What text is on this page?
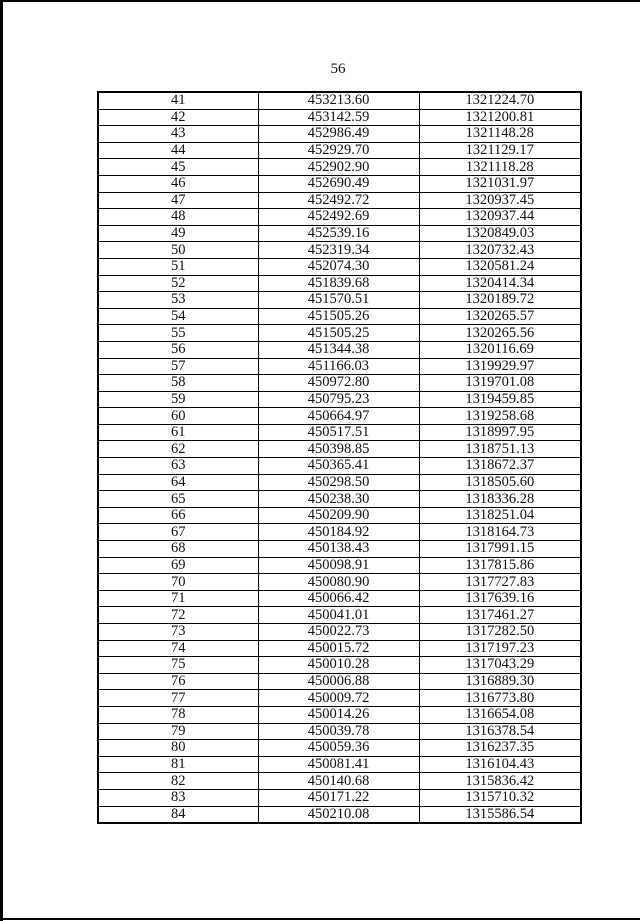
56
41	453213.60	1321224.70
42	453142.59	1321200.81
43	452986.49	1321148.28
44	452929.70	1321129.17
45	452902.90	1321118.28
46	452690.49	1321031.97
47	452492.72	1320937.45
48	452492.69	1320937.44
49	452539.16	1320849.03
50	452319.34	1320732.43
51	452074.30	1320581.24
52	451839.68	1320414.34
53	451570.51	1320189.72
54	451505.26	1320265.57
55	451505.25	1320265.56
56	451344.38	1320116.69
57	451166.03	1319929.97
58	450972.80	1319701.08
59	450795.23	1319459.85
60	450664.97	1319258.68
61	450517.51	1318997.95
62	450398.85	1318751.13
63	450365.41	1318672.37
64	450298.50	1318505.60
65	450238.30	1318336.28
66	450209.90	1318251.04
67	450184.92	1318164.73
68	450138.43	1317991.15
69	450098.91	1317815.86
70	450080.90	1317727.83
71	450066.42	1317639.16
72	450041.01	1317461.27
73	450022.73	1317282.50
74	450015.72	1317197.23
75	450010.28	1317043.29
76	450006.88	1316889.30
77	450009.72	1316773.80
78	450014.26	1316654.08
79	450039.78	1316378.54
80	450059.36	1316237.35
81	450081.41	1316104.43
82	450140.68	1315836.42
83	450171.22	1315710.32
84	450210.08	1315586.54
